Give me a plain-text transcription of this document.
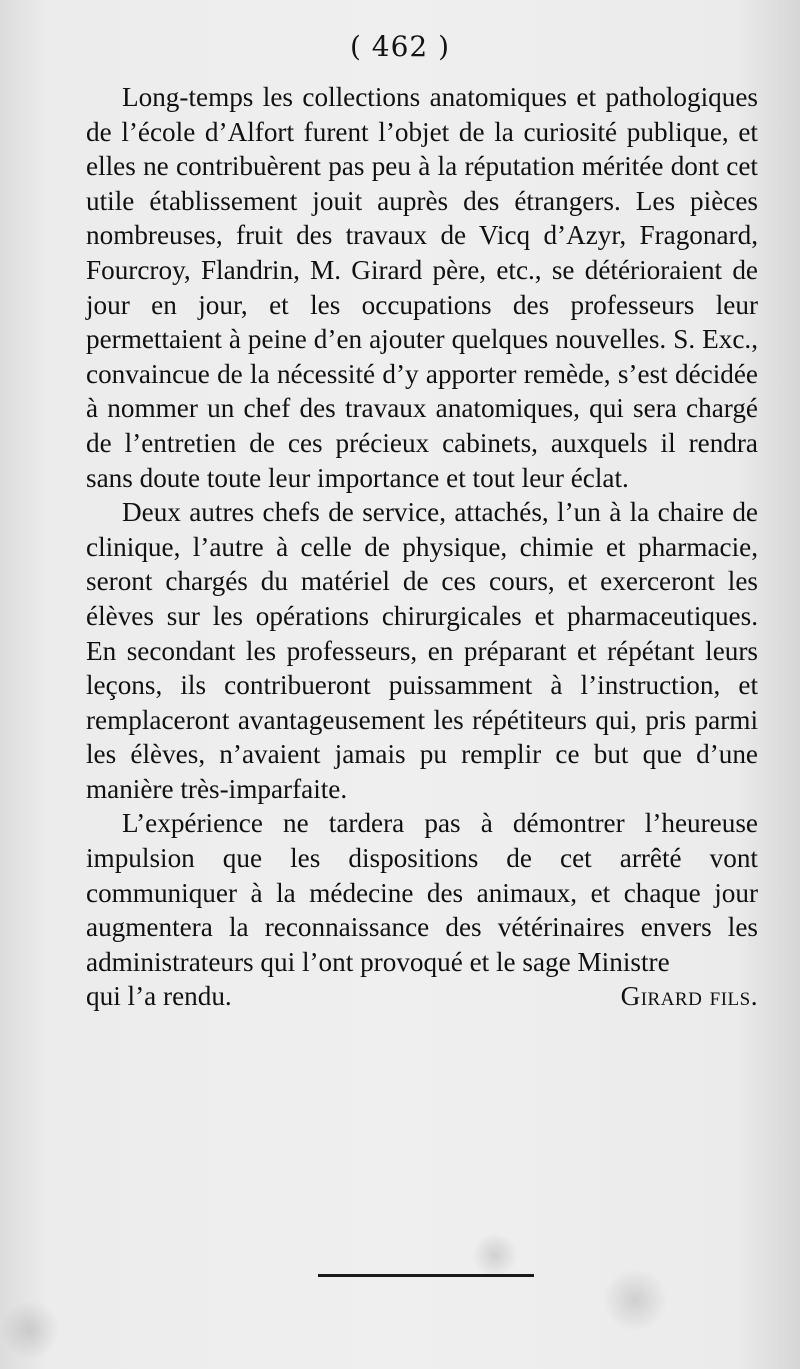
( 462 )

Long-temps les collections anatomiques et pathologiques de l’école d’Alfort furent l’objet de la curiosité publique, et elles ne contribuèrent pas peu à la réputation méritée dont cet utile établissement jouit auprès des étrangers. Les pièces nombreuses, fruit des travaux de Vicq d’Azyr, Fragonard, Fourcroy, Flandrin, M. Girard père, etc., se détérioraient de jour en jour, et les occupations des professeurs leur permettaient à peine d’en ajouter quelques nouvelles. S. Exc., convaincue de la nécessité d’y apporter remède, s’est décidée à nommer un chef des travaux anatomiques, qui sera chargé de l’entretien de ces précieux cabinets, auxquels il rendra sans doute toute leur importance et tout leur éclat.

Deux autres chefs de service, attachés, l’un à la chaire de clinique, l’autre à celle de physique, chimie et pharmacie, seront chargés du matériel de ces cours, et exerceront les élèves sur les opérations chirurgicales et pharmaceutiques. En secondant les professeurs, en préparant et répétant leurs leçons, ils contribueront puissamment à l’instruction, et remplaceront avantageusement les répétiteurs qui, pris parmi les élèves, n’avaient jamais pu remplir ce but que d’une manière très-imparfaite.

L’expérience ne tardera pas à démontrer l’heureuse impulsion que les dispositions de cet arrêté vont communiquer à la médecine des animaux, et chaque jour augmentera la reconnaissance des vétérinaires envers les administrateurs qui l’ont provoqué et le sage Ministre

qui l’a rendu.	Girard fils.
